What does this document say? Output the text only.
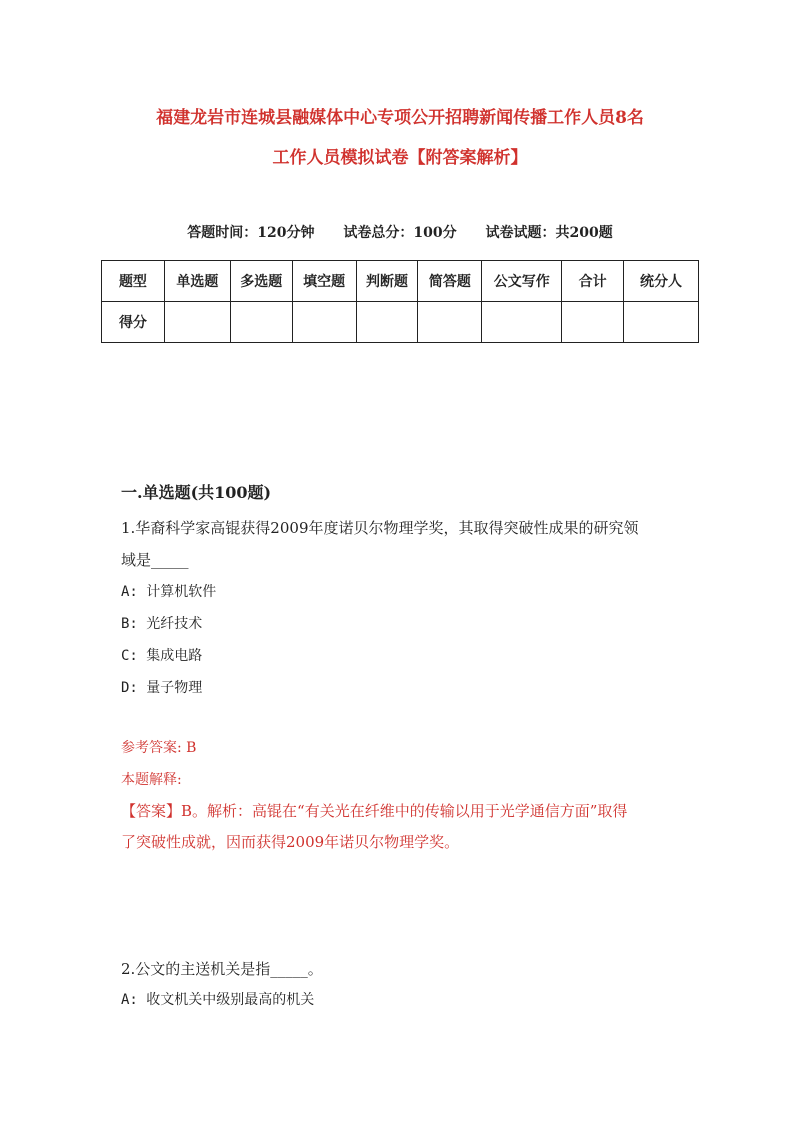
福建龙岩市连城县融媒体中心专项公开招聘新闻传播工作人员8名
工作人员模拟试卷【附答案解析】
答题时间：120分钟 试卷总分：100分 试卷试题：共200题
题型	单选题	多选题	填空题	判断题	简答题	公文写作	合计	统分人
得分								
一.单选题(共100题)
1.华裔科学家高锟获得2009年度诺贝尔物理学奖，其取得突破性成果的研究领
域是_____
A: 计算机软件
B: 光纤技术
C: 集成电路
D: 量子物理
参考答案: B
本题解释:
【答案】B。解析：高锟在“有关光在纤维中的传输以用于光学通信方面”取得
了突破性成就，因而获得2009年诺贝尔物理学奖。
2.公文的主送机关是指_____。
A: 收文机关中级别最高的机关
